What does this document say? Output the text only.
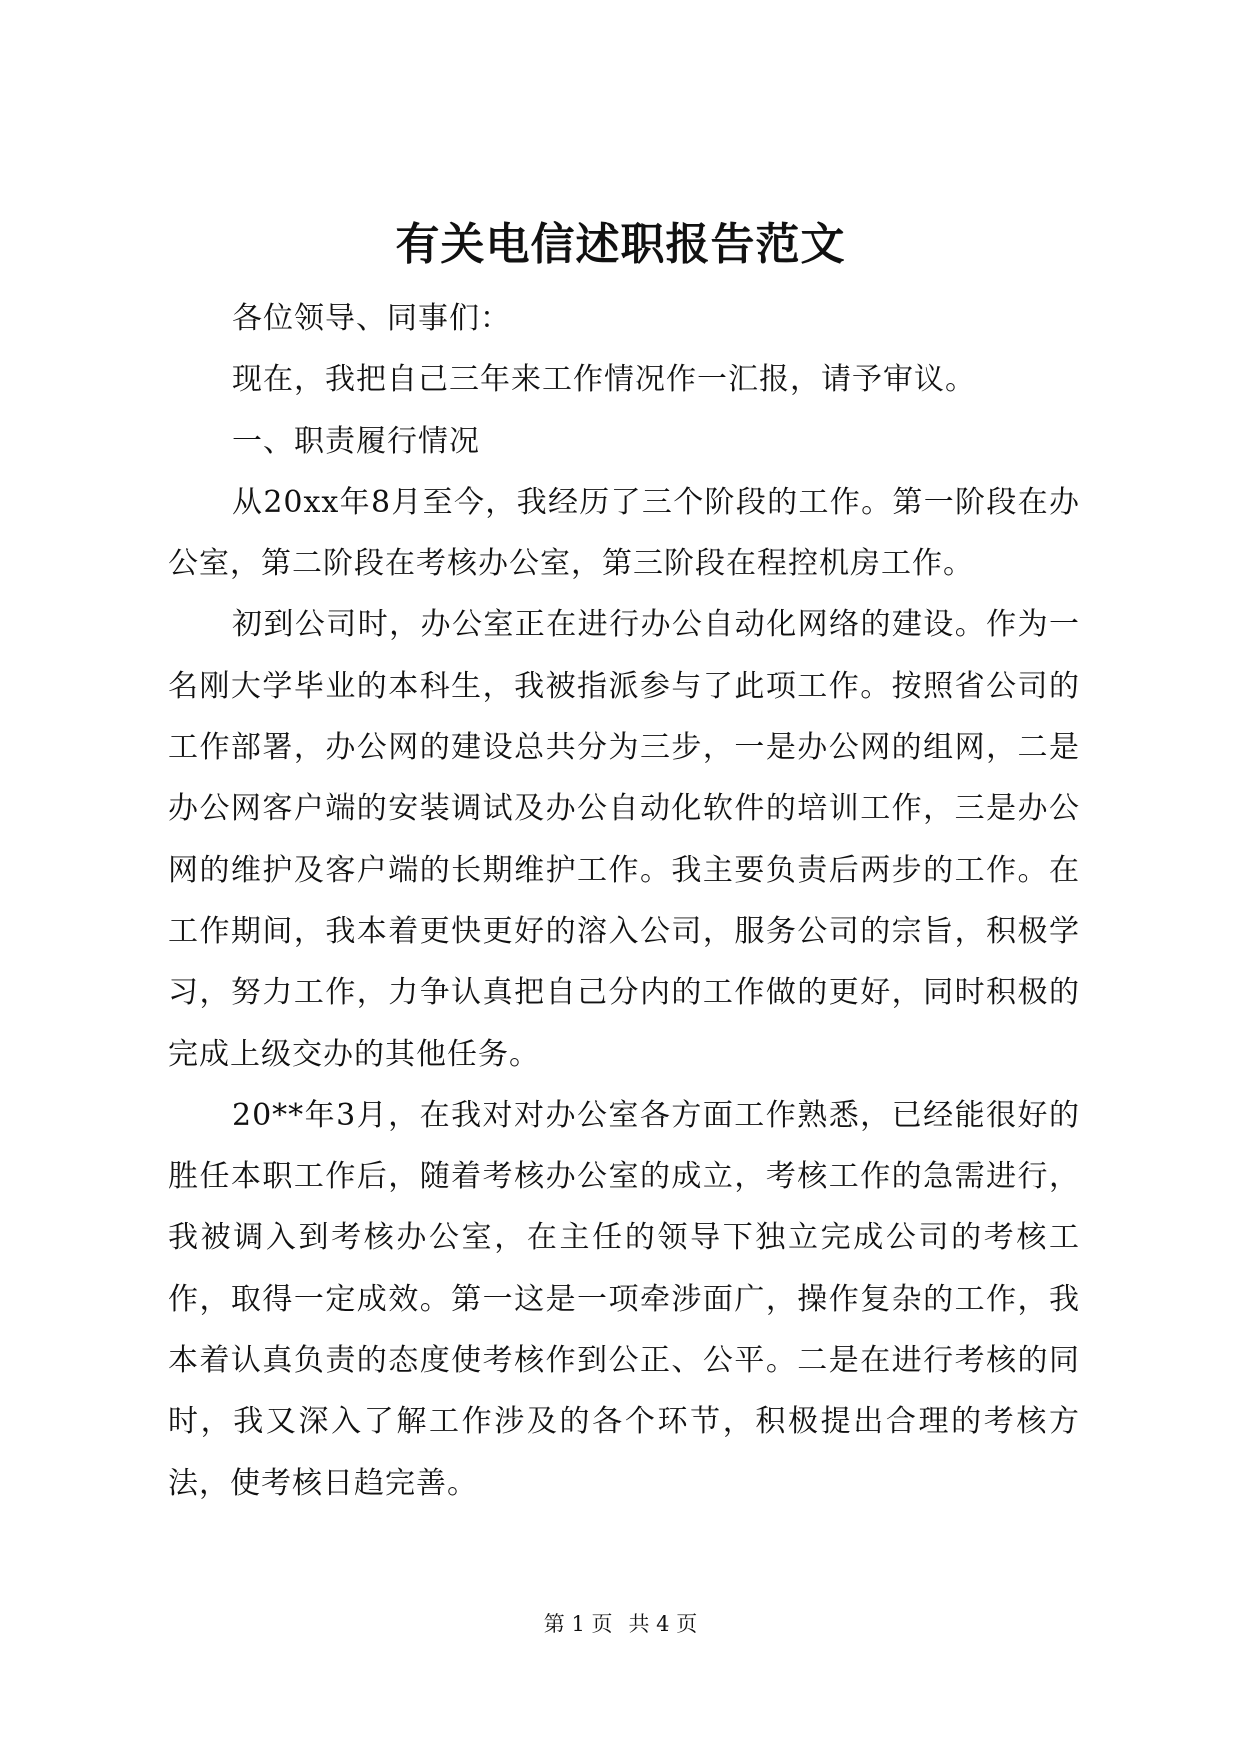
有关电信述职报告范文

各位领导、同事们：

现在，我把自己三年来工作情况作一汇报，请予审议。

一、职责履行情况

从20xx年8月至今，我经历了三个阶段的工作。第一阶段在办公室，第二阶段在考核办公室，第三阶段在程控机房工作。

初到公司时，办公室正在进行办公自动化网络的建设。作为一名刚大学毕业的本科生，我被指派参与了此项工作。按照省公司的工作部署，办公网的建设总共分为三步，一是办公网的组网，二是办公网客户端的安装调试及办公自动化软件的培训工作，三是办公网的维护及客户端的长期维护工作。我主要负责后两步的工作。在工作期间，我本着更快更好的溶入公司，服务公司的宗旨，积极学习，努力工作，力争认真把自己分内的工作做的更好，同时积极的完成上级交办的其他任务。

20**年3月，在我对对办公室各方面工作熟悉，已经能很好的胜任本职工作后，随着考核办公室的成立，考核工作的急需进行，我被调入到考核办公室，在主任的领导下独立完成公司的考核工作，取得一定成效。第一这是一项牵涉面广，操作复杂的工作，我本着认真负责的态度使考核作到公正、公平。二是在进行考核的同时，我又深入了解工作涉及的各个环节，积极提出合理的考核方法，使考核日趋完善。

第 1 页 共 4 页
